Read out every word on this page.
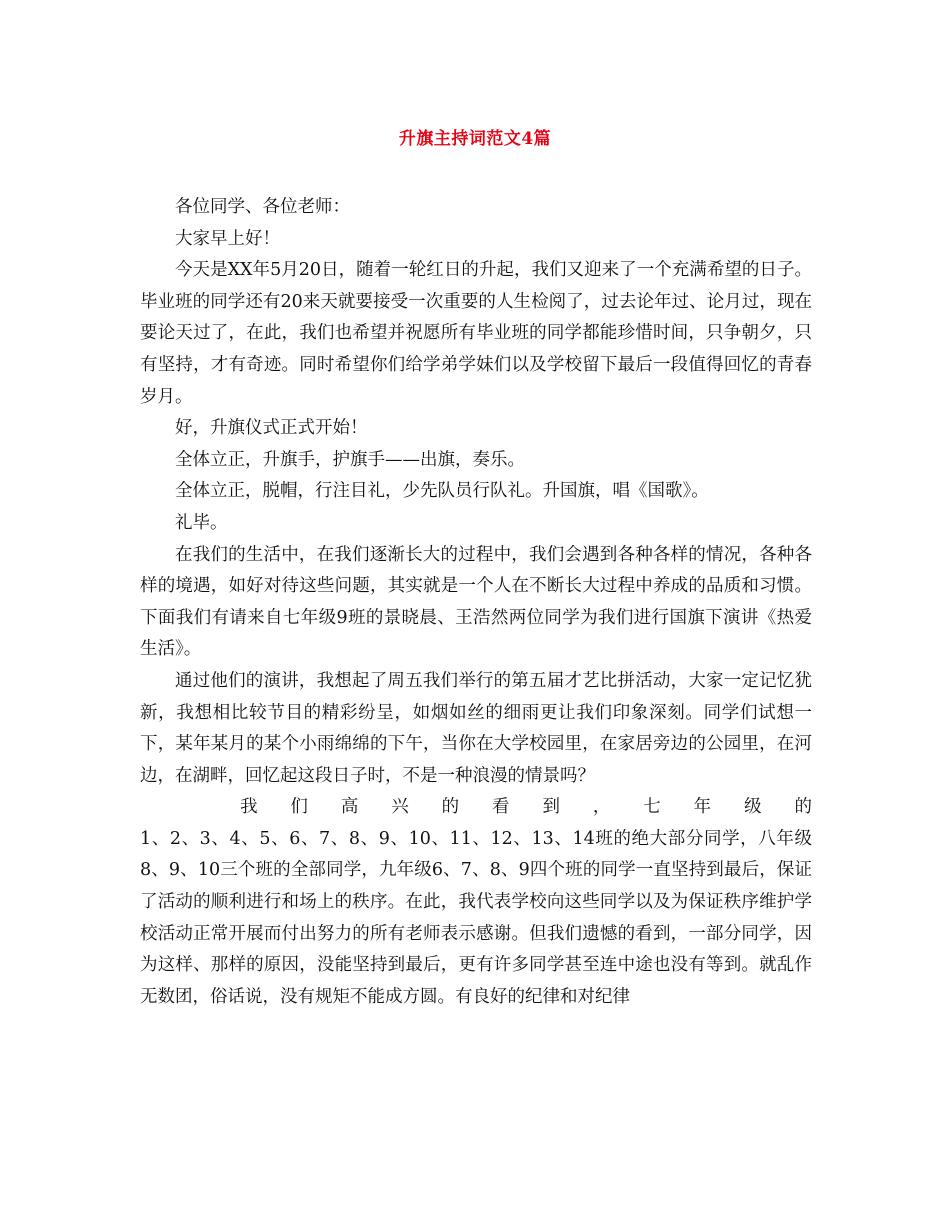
升旗主持词范文4篇

各位同学、各位老师：

大家早上好！

今天是XX年5月20日，随着一轮红日的升起，我们又迎来了一个充满希望的日子。毕业班的同学还有20来天就要接受一次重要的人生检阅了，过去论年过、论月过，现在要论天过了，在此，我们也希望并祝愿所有毕业班的同学都能珍惜时间，只争朝夕，只有坚持，才有奇迹。同时希望你们给学弟学妹们以及学校留下最后一段值得回忆的青春岁月。

好，升旗仪式正式开始！

全体立正，升旗手，护旗手——出旗，奏乐。

全体立正，脱帽，行注目礼，少先队员行队礼。升国旗，唱《国歌》。

礼毕。

在我们的生活中，在我们逐渐长大的过程中，我们会遇到各种各样的情况，各种各样的境遇，如好对待这些问题，其实就是一个人在不断长大过程中养成的品质和习惯。下面我们有请来自七年级9班的景晓晨、王浩然两位同学为我们进行国旗下演讲《热爱生活》。

通过他们的演讲，我想起了周五我们举行的第五届才艺比拼活动，大家一定记忆犹新，我想相比较节目的精彩纷呈，如烟如丝的细雨更让我们印象深刻。同学们试想一下，某年某月的某个小雨绵绵的下午，当你在大学校园里，在家居旁边的公园里，在河边，在湖畔，回忆起这段日子时，不是一种浪漫的情景吗？

我 们 高 兴 的 看 到 ， 七 年 级 的

1、2、3、4、5、6、7、8、9、10、11、12、13、14班的绝大部分同学，八年级8、9、10三个班的全部同学，九年级6、7、8、9四个班的同学一直坚持到最后，保证了活动的顺利进行和场上的秩序。在此，我代表学校向这些同学以及为保证秩序维护学校活动正常开展而付出努力的所有老师表示感谢。但我们遗憾的看到，一部分同学，因为这样、那样的原因，没能坚持到最后，更有许多同学甚至连中途也没有等到。就乱作无数团，俗话说，没有规矩不能成方圆。有良好的纪律和对纪律
